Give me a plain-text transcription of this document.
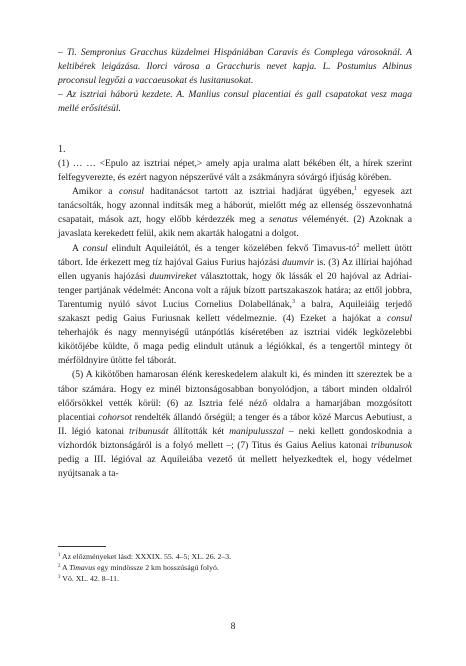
– Ti. Sempronius Gracchus küzdelmei Hispániában Caravis és Complega városoknál. A keltibérek leigázása. Ilorci városa a Gracchuris nevet kapja. L. Postumius Albinus proconsul legyőzi a vaccaeusokat és lusitanusokat.

– Az isztriai háború kezdete. A. Manlius consul placentiai és gall csapatokat vesz maga mellé erősítésül.

1.

(1) … … <Epulo az isztriai népet,> amely apja uralma alatt békében élt, a hírek szerint felfegyverezte, és ezért nagyon népszerűvé vált a zsákmányra sóvárgó ifjúság körében.

Amikor a consul haditanácsot tartott az isztriai hadjárat ügyében,$^1$ egyesek azt tanácsolták, hogy azonnal indítsák meg a háborút, mielőtt még az ellenség összevonhatná csapatait, mások azt, hogy előbb kérdezzék meg a senatus véleményét. (2) Azoknak a javaslata kerekedett felül, akik nem akarták halogatni a dolgot.

A consul elindult Aquileiától, és a tenger közelében fekvő Timavus-$tó^2$ mellett ütött tábort. Ide érkezett meg tíz hajóval Gaius Furius hajózási duumvir is. (3) Az illíriai hajóhad ellen ugyanis hajózási duumvireket választottak, hogy ők lássák el 20 hajóval az Adriai-tenger partjának védelmét: Ancona volt a rájuk bízott partszakaszok határa; az ettől jobbra, Tarentumig nyúló sávot Lucius Cornelius Dolabellának,$^3$ a balra, Aquileiáig terjedő szakaszt pedig Gaius Furiusnak kellett védelmeznie. (4) Ezeket a hajókat a consul teherhajók és nagy mennyiségű utánpótlás kíséretében az isztriai vidék legközelebbi kikötőjébe küldte, ő maga pedig elindult utánuk a légiókkal, és a tengertől mintegy öt mérföldnyire ütötte fel táborát.

(5) A kikötőben hamarosan élénk kereskedelem alakult ki, és minden itt szereztek be a tábor számára. Hogy ez minél biztonságosabban bonyolódjon, a tábort minden oldalról előőrsökkel vették körül: (6) az Isztria felé néző oldalra a hamarjában mozgósított placentiai cohorsot rendelték állandó őrségül; a tenger és a tábor közé Marcus Aebutiust, a II. légió katonai tribunusát állították két manipulusszal – neki kellett gondoskodnia a vízhordók biztonságáról is a folyó mellett –; (7) Titus és Gaius Aelius katonai tribunusok pedig a III. légióval az Aquileiába vezető út mellett helyezkedtek el, hogy védelmet nyújtsanak a ta-

$^1$ Az előzményeket lásd: XXXIX. 55. 4–5; XL. 26. 2–3.
$^2$ A Timavus egy mindössze 2 km hosszúságú folyó.
$^3$ Vö. XL. 42. 8–11.
8
